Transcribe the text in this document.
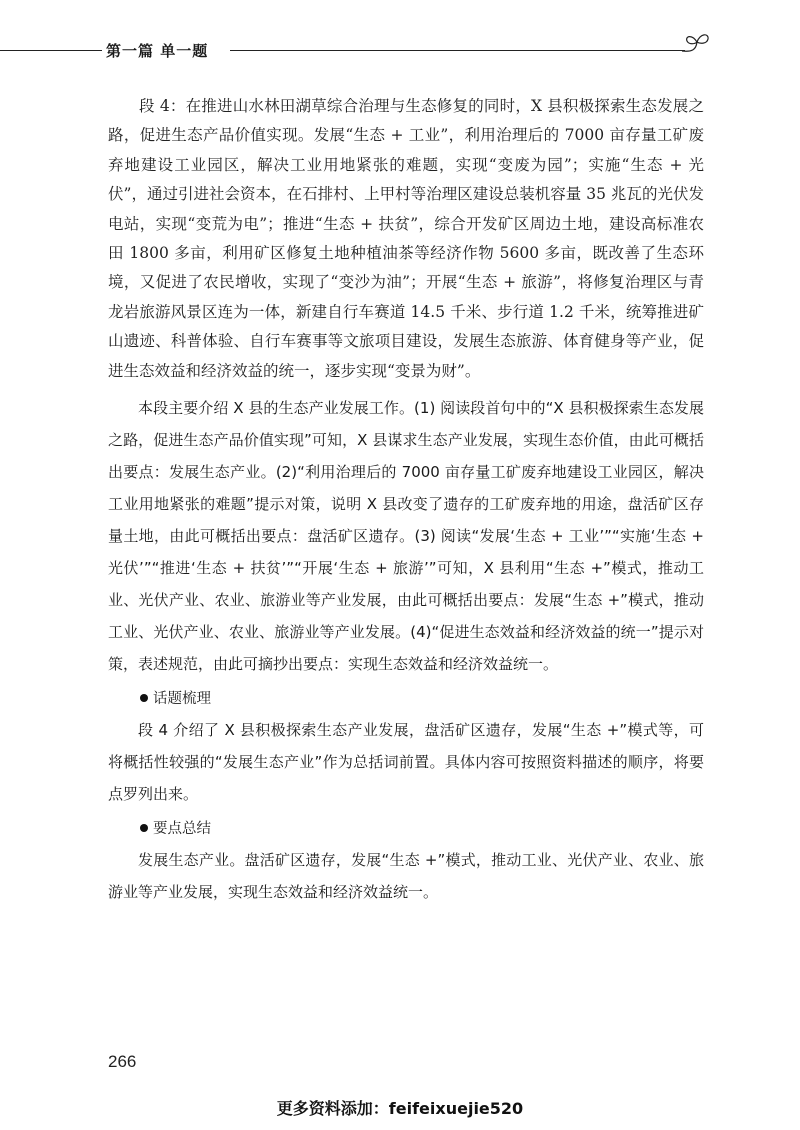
第一篇 单一题

段 4：在推进山水林田湖草综合治理与生态修复的同时，X 县积极探索生态发展之路，促进生态产品价值实现。发展“生态 + 工业”，利用治理后的 7000 亩存量工矿废弃地建设工业园区，解决工业用地紧张的难题，实现“变废为园”；实施“生态 + 光伏”，通过引进社会资本，在石排村、上甲村等治理区建设总装机容量 35 兆瓦的光伏发电站，实现“变荒为电”；推进“生态 + 扶贫”，综合开发矿区周边土地，建设高标准农田 1800 多亩，利用矿区修复土地种植油茶等经济作物 5600 多亩，既改善了生态环境，又促进了农民增收，实现了“变沙为油”；开展“生态 + 旅游”，将修复治理区与青龙岩旅游风景区连为一体，新建自行车赛道 14.5 千米、步行道 1.2 千米，统筹推进矿山遗迹、科普体验、自行车赛事等文旅项目建设，发展生态旅游、体育健身等产业，促进生态效益和经济效益的统一，逐步实现“变景为财”。

本段主要介绍 X 县的生态产业发展工作。(1) 阅读段首句中的“X 县积极探索生态发展之路，促进生态产品价值实现”可知，X 县谋求生态产业发展，实现生态价值，由此可概括出要点：发展生态产业。(2)“利用治理后的 7000 亩存量工矿废弃地建设工业园区，解决工业用地紧张的难题”提示对策，说明 X 县改变了遗存的工矿废弃地的用途，盘活矿区存量土地，由此可概括出要点：盘活矿区遗存。(3) 阅读“发展‘生态 + 工业’”“实施‘生态 + 光伏’”“推进‘生态 + 扶贫’”“开展‘生态 + 旅游’”可知，X 县利用“生态 +”模式，推动工业、光伏产业、农业、旅游业等产业发展，由此可概括出要点：发展“生态 +”模式，推动工业、光伏产业、农业、旅游业等产业发展。(4)“促进生态效益和经济效益的统一”提示对策，表述规范，由此可摘抄出要点：实现生态效益和经济效益统一。

话题梳理

段 4 介绍了 X 县积极探索生态产业发展，盘活矿区遗存，发展“生态 +”模式等，可将概括性较强的“发展生态产业”作为总括词前置。具体内容可按照资料描述的顺序，将要点罗列出来。

要点总结

发展生态产业。盘活矿区遗存，发展“生态 +”模式，推动工业、光伏产业、农业、旅游业等产业发展，实现生态效益和经济效益统一。

266
更多资料添加：feifeixuejie520
